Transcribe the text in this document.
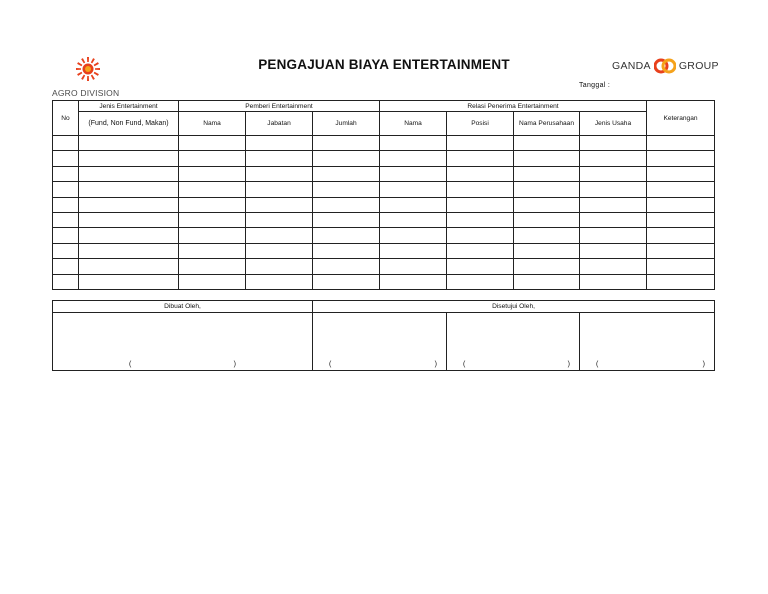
AGRO DIVISION
PENGAJUAN BIAYA ENTERTAINMENT	GANDA	GROUP
Tanggal :
No	Jenis Entertainment	Pemberi Entertainment			Relasi Penerima Entertainment				Keterangan
	(Fund, Non Fund, Makan)	Nama	Jabatan	Jumlah	Nama	Posisi	Nama Perusahaan	Jenis Usaha	

Dibuat Oleh,	Disetujui Oleh,		

( )	( )	( )	( )
